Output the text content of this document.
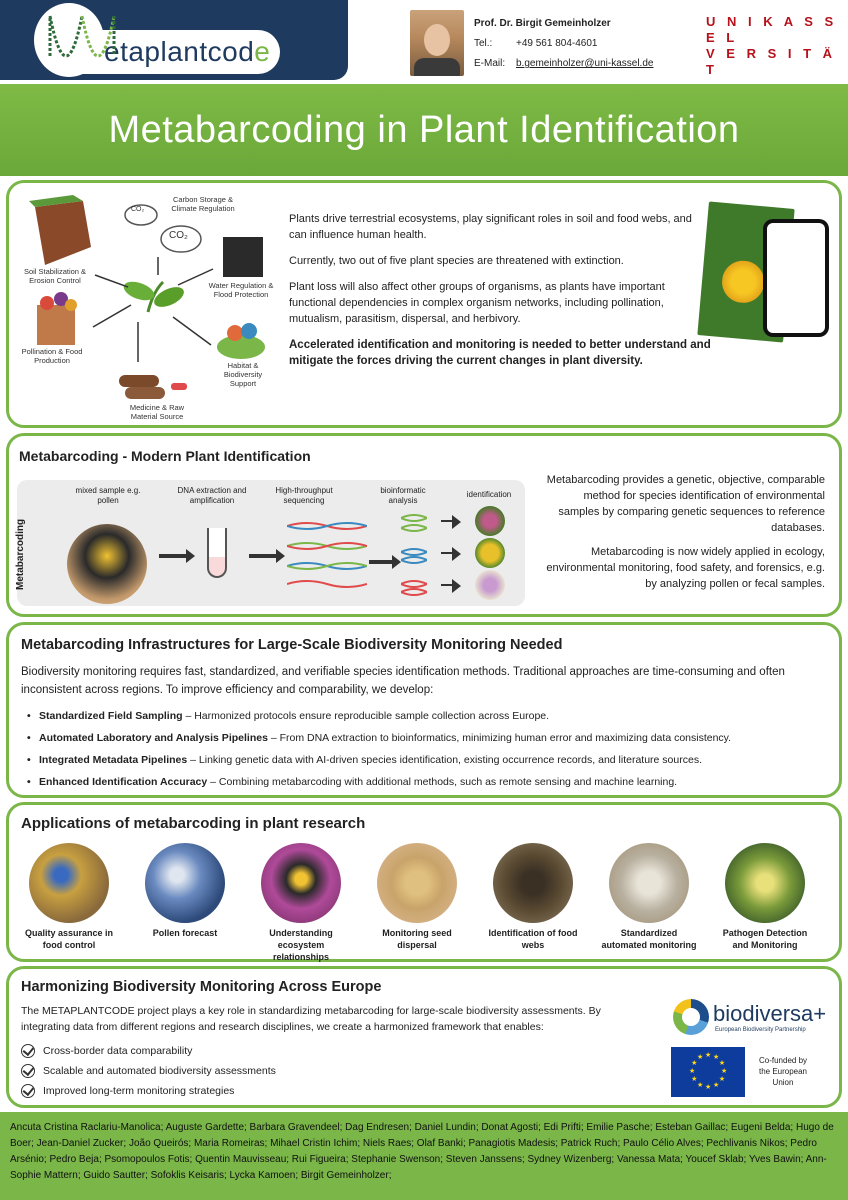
etaplantcode
Prof. Dr. Birgit Gemeinholzer
Tel.: +49 561 804-4601
E-Mail: b.gemeinholzer@uni-kassel.de
U N I K A S S E L
V E R S I T Ä T
Metabarcoding in Plant Identification
CO₂
CO₂
Carbon Storage & Climate Regulation
Soil Stabilization & Erosion Control
Water Regulation & Flood Protection
Pollination & Food Production
Habitat & Biodiversity Support
Medicine & Raw Material Source

Plants drive terrestrial ecosystems, play significant roles in soil and food webs, and can influence human health.

Currently, two out of five plant species are threatened with extinction.

Plant loss will also affect other groups of organisms, as plants have important functional dependencies in complex organism networks, including pollination, mutualism, parasitism, dispersal, and herbivory.

Accelerated identification and monitoring is needed to better understand and mitigate the forces driving the current changes in plant diversity.

Metabarcoding - Modern Plant Identification
Metabarcoding
mixed sample e.g. pollen
DNA extraction and amplification
High-throughput sequencing
bioinformatic analysis
identification

Metabarcoding provides a genetic, objective, comparable method for species identification of environmental samples by comparing genetic sequences to reference databases.

Metabarcoding is now widely applied in ecology, environmental monitoring, food safety, and forensics, e.g. by analyzing pollen or fecal samples.

Metabarcoding Infrastructures for Large-Scale Biodiversity Monitoring Needed
Biodiversity monitoring requires fast, standardized, and verifiable species identification methods. Traditional approaches are time-consuming and often inconsistent across regions. To improve efficiency and comparability, we develop:
• Standardized Field Sampling – Harmonized protocols ensure reproducible sample collection across Europe.
• Automated Laboratory and Analysis Pipelines – From DNA extraction to bioinformatics, minimizing human error and maximizing data consistency.
• Integrated Metadata Pipelines – Linking genetic data with AI-driven species identification, existing occurrence records, and literature sources.
• Enhanced Identification Accuracy – Combining metabarcoding with additional methods, such as remote sensing and machine learning.
Applications of metabarcoding in plant research
Quality assurance in food control
Pollen forecast	Understanding ecosystem relationships
Monitoring seed dispersal
Identification of food webs
Standardized automated monitoring
Pathogen Detection and Monitoring
Harmonizing Biodiversity Monitoring Across Europe
The METAPLANTCODE project plays a key role in standardizing metabarcoding for large-scale biodiversity assessments. By integrating data from different regions and research disciplines, we create a harmonized framework that enables:
Cross-border data comparability
Scalable and automated biodiversity assessments
Improved long-term monitoring strategies
biodiversa+
European Biodiversity Partnership
★
★
★
★
★
★
★
★
★ ★ ★
★	Co-funded by the European Union
Ancuta Cristina Raclariu-Manolica; Auguste Gardette; Barbara Gravendeel; Dag Endresen; Daniel Lundin; Donat Agosti; Edi Prifti; Emilie Pasche; Esteban Gaillac; Eugeni Belda; Hugo de Boer; Jean-Daniel Zucker; João Queirós; Maria Romeiras; Mihael Cristin Ichim; Niels Raes; Olaf Banki; Panagiotis Madesis; Patrick Ruch; Paulo Célio Alves; Pechlivanis Nikos; Pedro Arsénio; Pedro Beja; Psomopoulos Fotis; Quentin Mauvisseau; Rui Figueira; Stephanie Swenson; Steven Janssens; Sydney Wizenberg; Vanessa Mata; Youcef Sklab; Yves Bawin; Ann-Sophie Mattern; Guido Sautter; Sofoklis Keisaris; Lycka Kamoen; Birgit Gemeinholzer;
